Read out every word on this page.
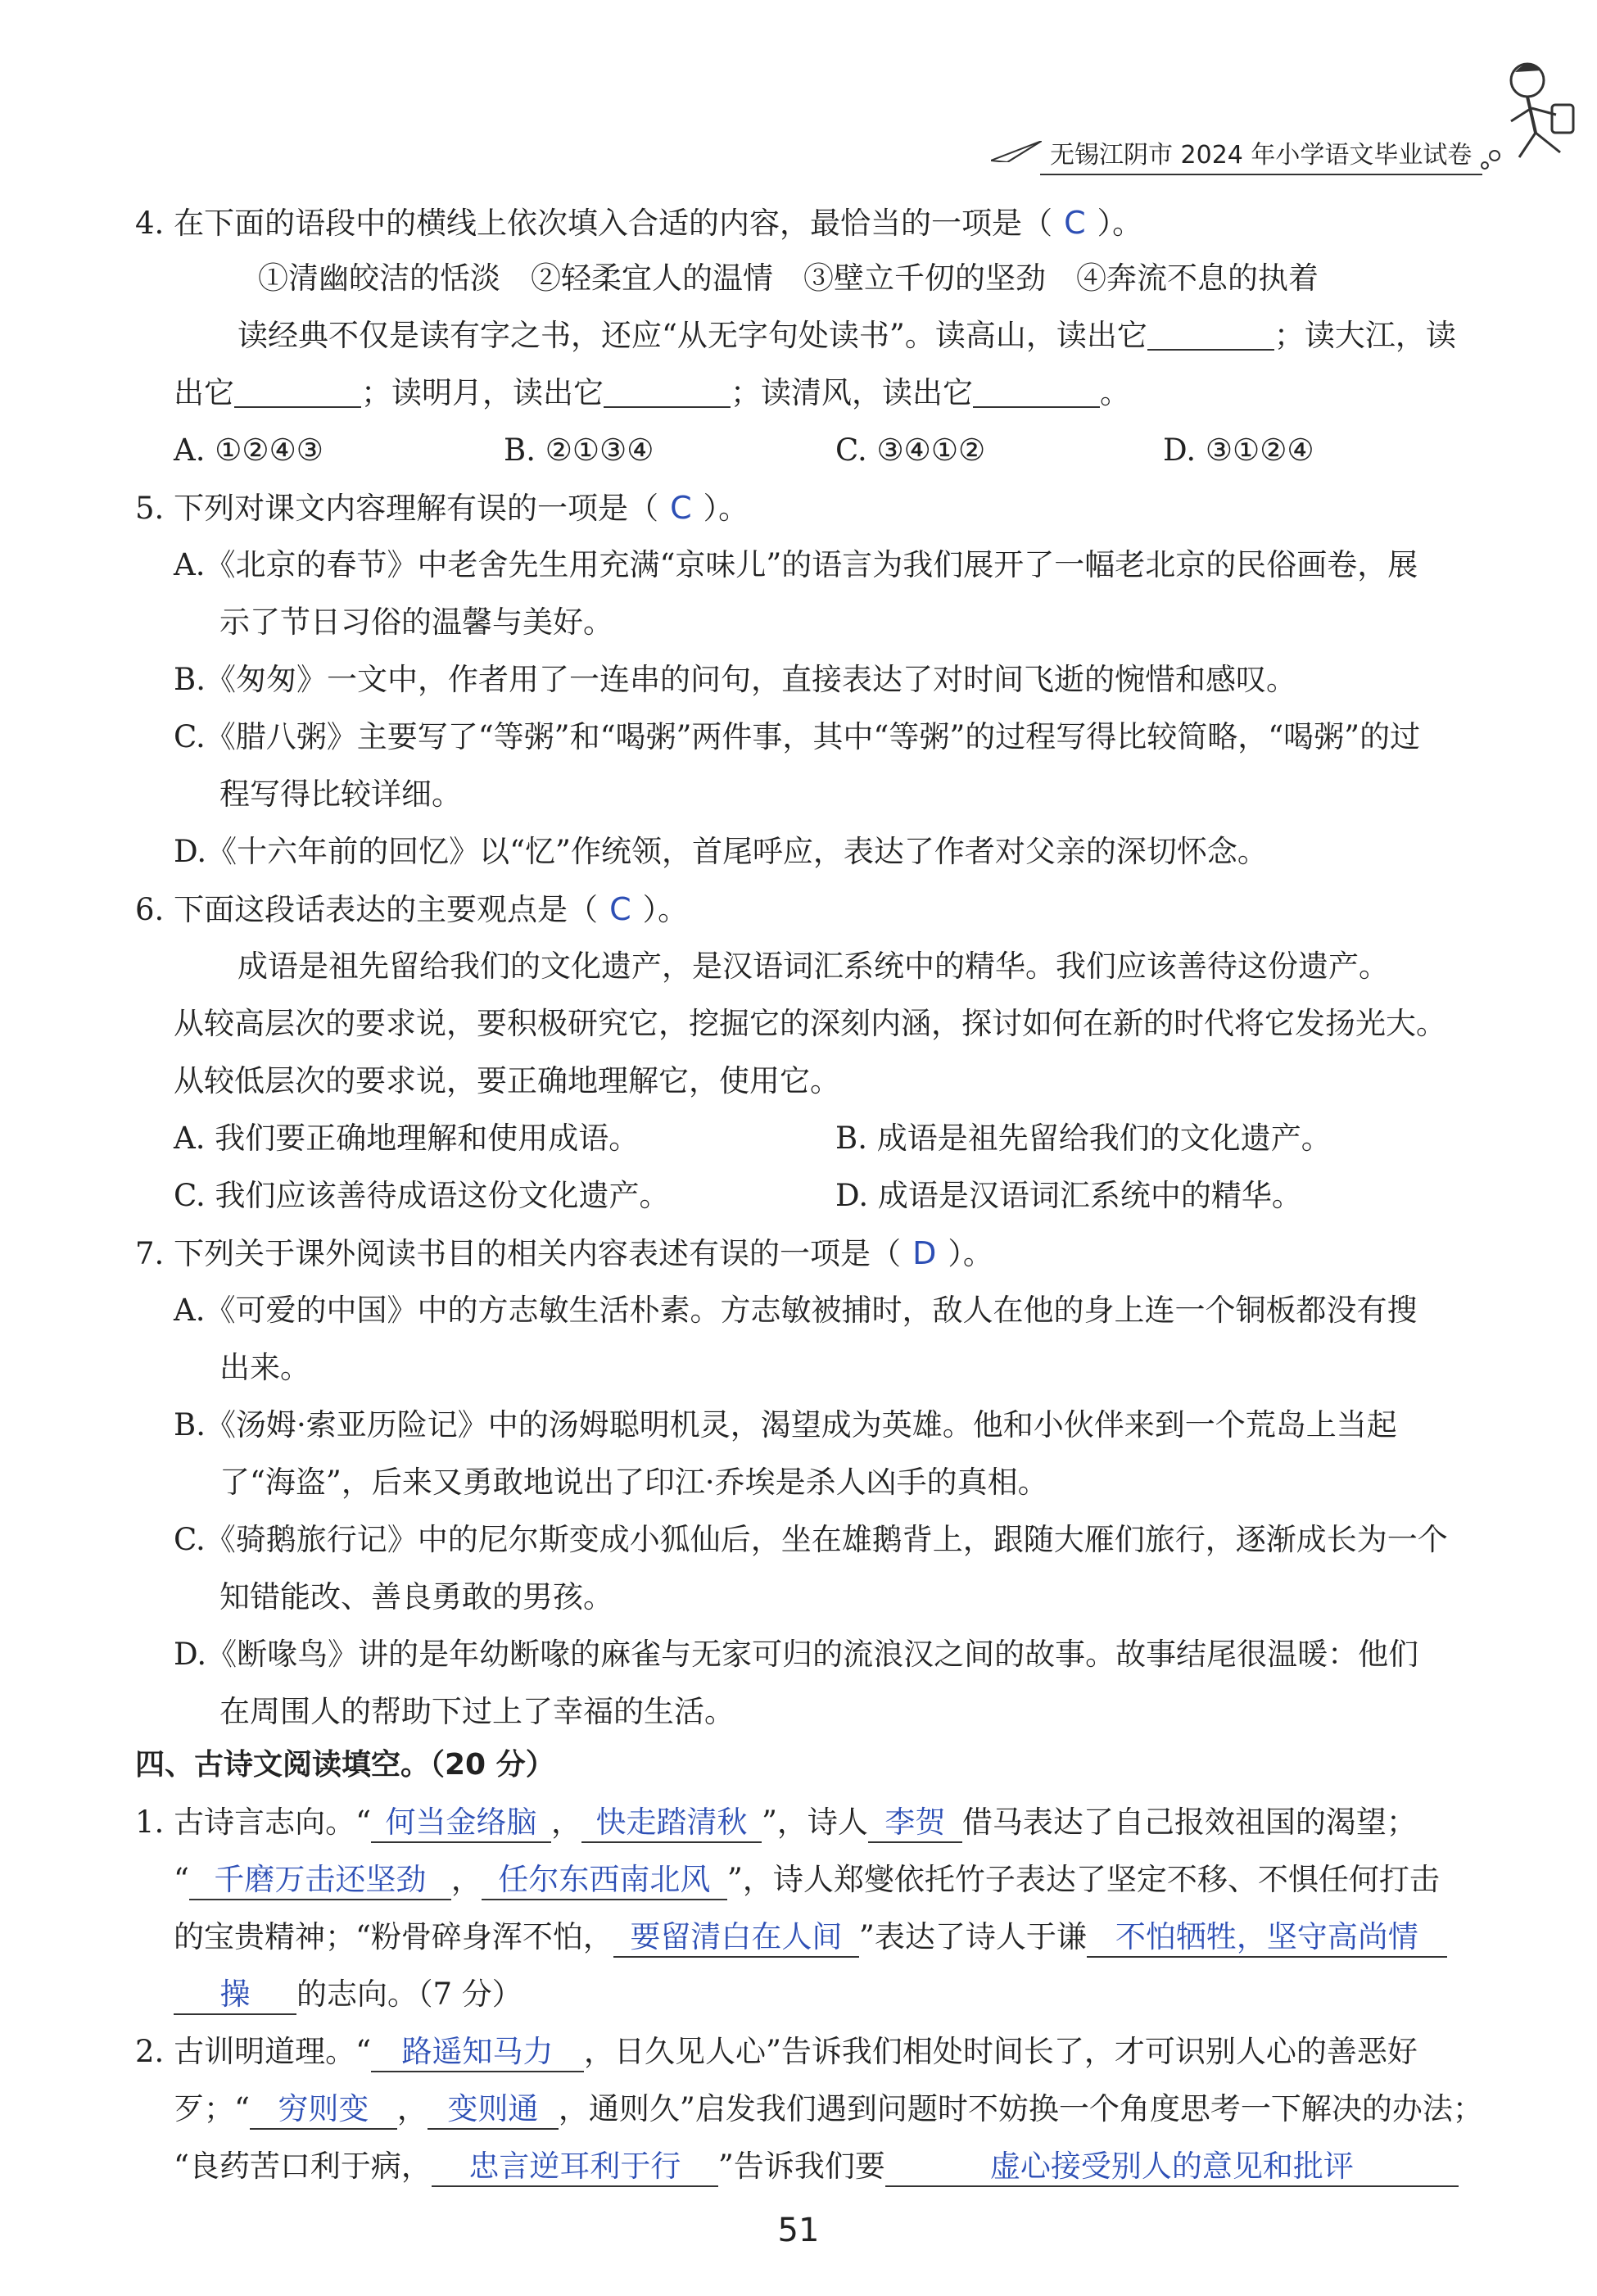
无锡江阴市 2024 年小学语文毕业试卷
4. 在下面的语段中的横线上依次填入合适的内容，最恰当的一项是（ C ）。
①清幽皎洁的恬淡　②轻柔宜人的温情　③壁立千仞的坚劲　④奔流不息的执着
读经典不仅是读有字之书，还应“从无字句处读书”。读高山，读出它	；读大江，读
出它	；读明月，读出它	；读清风，读出它	。
A. ①②④③	B. ②①③④	C. ③④①②	D. ③①②④
5. 下列对课文内容理解有误的一项是（ C ）。
A.《北京的春节》中老舍先生用充满“京味儿”的语言为我们展开了一幅老北京的民俗画卷，展
示了节日习俗的温馨与美好。
B.《匆匆》一文中，作者用了一连串的问句，直接表达了对时间飞逝的惋惜和感叹。
C.《腊八粥》主要写了“等粥”和“喝粥”两件事，其中“等粥”的过程写得比较简略，“喝粥”的过
程写得比较详细。
D.《十六年前的回忆》以“忆”作统领，首尾呼应，表达了作者对父亲的深切怀念。
6. 下面这段话表达的主要观点是（ C ）。
成语是祖先留给我们的文化遗产，是汉语词汇系统中的精华。我们应该善待这份遗产。
从较高层次的要求说，要积极研究它，挖掘它的深刻内涵，探讨如何在新的时代将它发扬光大。
从较低层次的要求说，要正确地理解它，使用它。
A. 我们要正确地理解和使用成语。	B. 成语是祖先留给我们的文化遗产。
C. 我们应该善待成语这份文化遗产。	D. 成语是汉语词汇系统中的精华。
7. 下列关于课外阅读书目的相关内容表述有误的一项是（ D ）。
A.《可爱的中国》中的方志敏生活朴素。方志敏被捕时，敌人在他的身上连一个铜板都没有搜
出来。
B.《汤姆·索亚历险记》中的汤姆聪明机灵，渴望成为英雄。他和小伙伴来到一个荒岛上当起
了“海盗”，后来又勇敢地说出了印江·乔埃是杀人凶手的真相。
C.《骑鹅旅行记》中的尼尔斯变成小狐仙后，坐在雄鹅背上，跟随大雁们旅行，逐渐成长为一个
知错能改、善良勇敢的男孩。
D.《断喙鸟》讲的是年幼断喙的麻雀与无家可归的流浪汉之间的故事。故事结尾很温暖：他们
在周围人的帮助下过上了幸福的生活。
四、古诗文阅读填空。（20 分）
1. 古诗言志向。“ 何当金络脑 ， 快走踏清秋 ”，诗人 李贺 借马表达了自己报效祖国的渴望；
“ 千磨万击还坚劲 ， 任尔东西南北风 ”，诗人郑燮依托竹子表达了坚定不移、不惧任何打击
的宝贵精神；“粉骨碎身浑不怕， 要留清白在人间 ”表达了诗人于谦 不怕牺牲，坚守高尚情
操 的志向。（7 分）
2. 古训明道理。“ 路遥知马力 ，日久见人心”告诉我们相处时间长了，才可识别人心的善恶好
歹；“ 穷则变 ， 变则通 ，通则久”启发我们遇到问题时不妨换一个角度思考一下解决的办法；
“良药苦口利于病， 忠言逆耳利于行 ”告诉我们要	虚心接受别人的意见和批评
51
